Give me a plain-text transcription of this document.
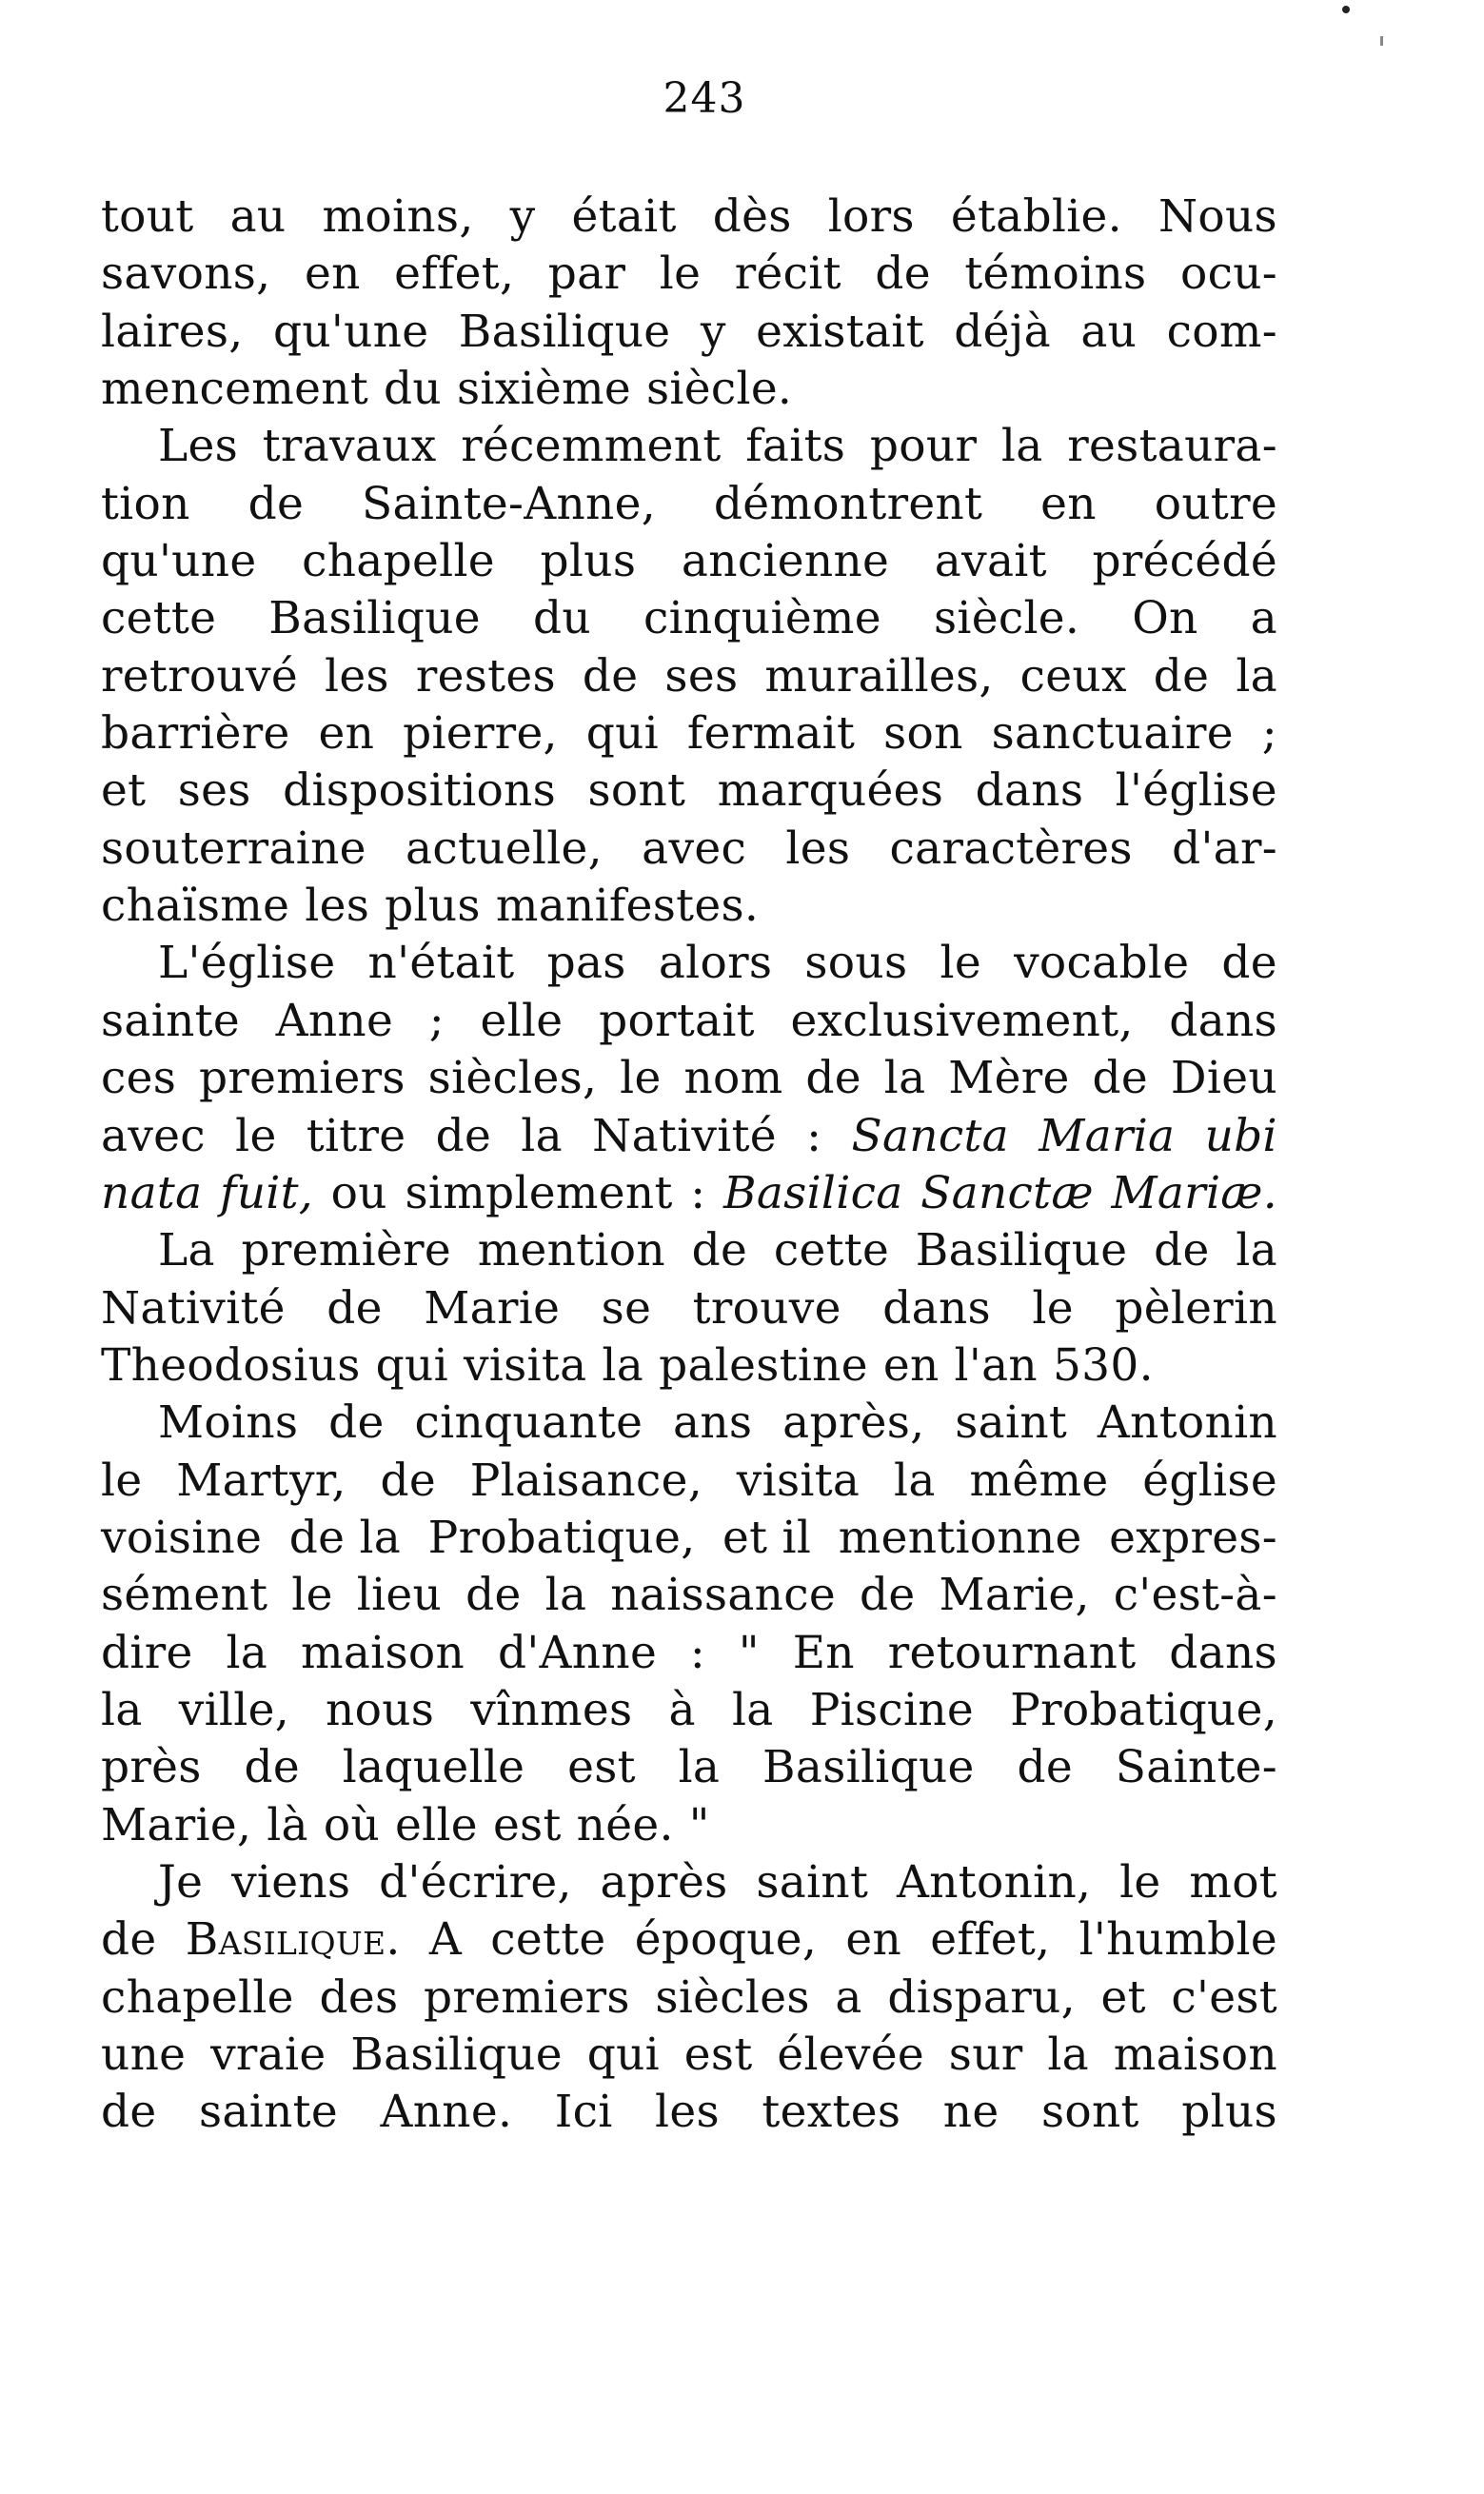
243
tout au moins, y était dès lors établie. Nous
savons, en effet, par le récit de témoins ocu-
laires, qu'une Basilique y existait déjà au com-
mencement du sixième siècle.
Les travaux récemment faits pour la restaura-
tion de Sainte-Anne, démontrent en outre
qu'une chapelle plus ancienne avait précédé
cette Basilique du cinquième siècle. On a
retrouvé les restes de ses murailles, ceux de la
barrière en pierre, qui fermait son sanctuaire ;
et ses dispositions sont marquées dans l'église
souterraine actuelle, avec les caractères d'ar-
chaïsme les plus manifestes.
L'église n'était pas alors sous le vocable de
sainte Anne ; elle portait exclusivement, dans
ces premiers siècles, le nom de la Mère de Dieu
avec le titre de la Nativité : Sancta Maria ubi
nata fuit, ou simplement : Basilica Sanctæ Mariæ.
La première mention de cette Basilique de la
Nativité de Marie se trouve dans le pèlerin
Theodosius qui visita la palestine en l'an 530.
Moins de cinquante ans après, saint Antonin
le Martyr, de Plaisance, visita la même église
voisine de la Probatique, et il mentionne expres-
sément le lieu de la naissance de Marie, c'est-à-
dire la maison d'Anne : " En retournant dans
la ville, nous vînmes à la Piscine Probatique,
près de laquelle est la Basilique de Sainte-
Marie, là où elle est née. "
Je viens d'écrire, après saint Antonin, le mot
de Basilique. A cette époque, en effet, l'humble
chapelle des premiers siècles a disparu, et c'est
une vraie Basilique qui est élevée sur la maison
de sainte Anne. Ici les textes ne sont plus
